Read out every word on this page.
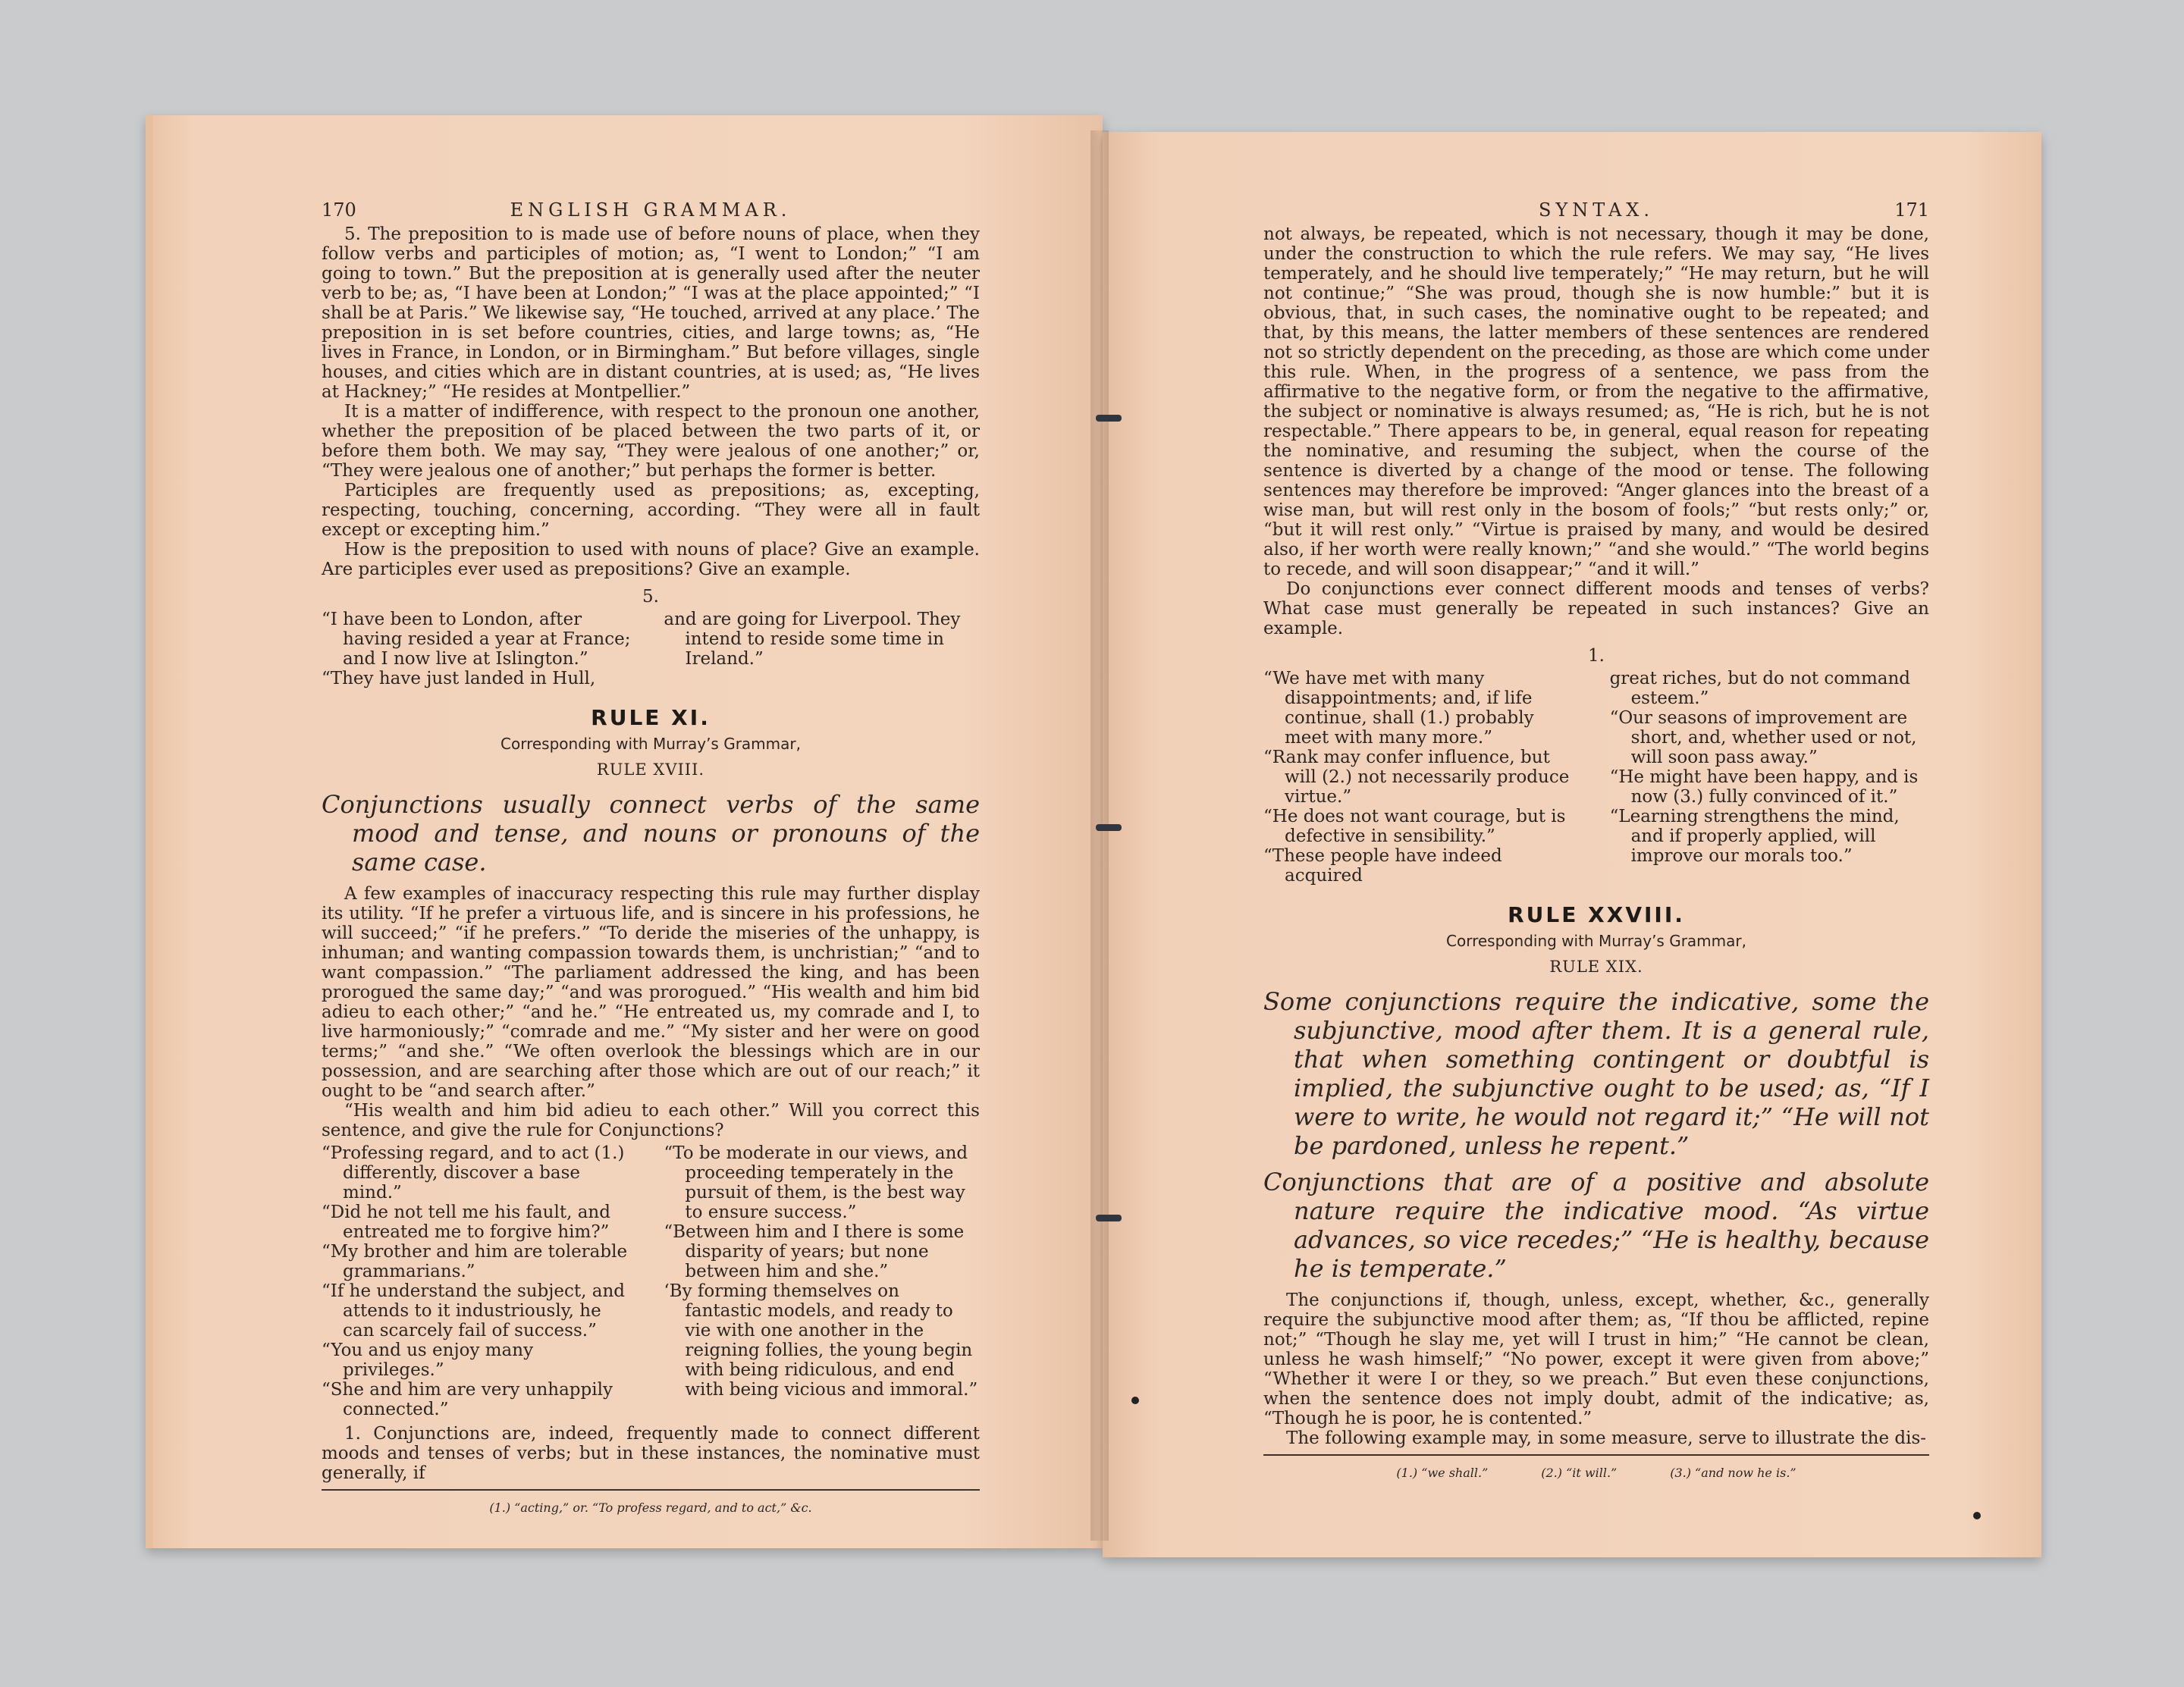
170	ENGLISH GRAMMAR.

5. The preposition to is made use of before nouns of place, when they follow verbs and participles of motion; as, “I went to London;” “I am going to town.” But the preposition at is generally used after the neuter verb to be; as, “I have been at London;” “I was at the place appointed;” “I shall be at Paris.” We likewise say, “He touched, arrived at any place.’ The preposition in is set before countries, cities, and large towns; as, “He lives in France, in London, or in Birmingham.” But before villages, single houses, and cities which are in distant countries, at is used; as, “He lives at Hackney;” “He resides at Montpellier.”

It is a matter of indifference, with respect to the pronoun one another, whether the preposition of be placed between the two parts of it, or before them both. We may say, “They were jealous of one another;” or, “They were jealous one of another;” but perhaps the former is better.

Participles are frequently used as prepositions; as, excepting, respecting, touching, concerning, according. “They were all in fault except or excepting him.”

How is the preposition to used with nouns of place? Give an example. Are participles ever used as prepositions? Give an example.

5.

“I have been to London, after having resided a year at France; and I now live at Islington.”

“They have just landed in Hull,

and are going for Liverpool. They intend to reside some time in Ireland.”

RULE XI.
Corresponding with Murray’s Grammar,
RULE XVIII.
Conjunctions usually connect verbs of the same mood and tense, and nouns or pronouns of the same case.

A few examples of inaccuracy respecting this rule may further display its utility. “If he prefer a virtuous life, and is sincere in his professions, he will succeed;” “if he prefers.” “To deride the miseries of the unhappy, is inhuman; and wanting compassion towards them, is unchristian;” “and to want compassion.” “The parliament addressed the king, and has been prorogued the same day;” “and was prorogued.” “His wealth and him bid adieu to each other;” “and he.” “He entreated us, my comrade and I, to live harmoniously;” “comrade and me.” “My sister and her were on good terms;” “and she.” “We often overlook the blessings which are in our possession, and are searching after those which are out of our reach;” it ought to be “and search after.”

“His wealth and him bid adieu to each other.” Will you correct this sentence, and give the rule for Conjunctions?

“Professing regard, and to act (1.) differently, discover a base mind.”

“Did he not tell me his fault, and entreated me to forgive him?”

“My brother and him are tolerable grammarians.”

“If he understand the subject, and attends to it industriously, he can scarcely fail of success.”

“You and us enjoy many privileges.”

“She and him are very unhappily connected.”

“To be moderate in our views, and proceeding temperately in the pursuit of them, is the best way to ensure success.”

“Between him and I there is some disparity of years; but none between him and she.”

‘By forming themselves on fantastic models, and ready to vie with one another in the reigning follies, the young begin with being ridiculous, and end with being vicious and immoral.”

1. Conjunctions are, indeed, frequently made to connect different moods and tenses of verbs; but in these instances, the nominative must generally, if

(1.) “acting,” or. “To profess regard, and to act,” &c.
SYNTAX.	171

not always, be repeated, which is not necessary, though it may be done, under the construction to which the rule refers. We may say, “He lives temperately, and he should live temperately;” “He may return, but he will not continue;” “She was proud, though she is now humble:” but it is obvious, that, in such cases, the nominative ought to be repeated; and that, by this means, the latter members of these sentences are rendered not so strictly dependent on the preceding, as those are which come under this rule. When, in the progress of a sentence, we pass from the affirmative to the negative form, or from the negative to the affirmative, the subject or nominative is always resumed; as, “He is rich, but he is not respectable.” There appears to be, in general, equal reason for repeating the nominative, and resuming the subject, when the course of the sentence is diverted by a change of the mood or tense. The following sentences may therefore be improved: “Anger glances into the breast of a wise man, but will rest only in the bosom of fools;” “but rests only;” or, “but it will rest only.” “Virtue is praised by many, and would be desired also, if her worth were really known;” “and she would.” “The world begins to recede, and will soon disappear;” “and it will.”

Do conjunctions ever connect different moods and tenses of verbs? What case must generally be repeated in such instances? Give an example.

1.

“We have met with many disappointments; and, if life continue, shall (1.) probably meet with many more.”

“Rank may confer influence, but will (2.) not necessarily produce virtue.”

“He does not want courage, but is defective in sensibility.”

“These people have indeed acquired

great riches, but do not command esteem.”

“Our seasons of improvement are short, and, whether used or not, will soon pass away.”

“He might have been happy, and is now (3.) fully convinced of it.”

“Learning strengthens the mind, and if properly applied, will improve our morals too.”

RULE XXVIII.
Corresponding with Murray’s Grammar,
RULE XIX.
Some conjunctions require the indicative, some the subjunctive, mood after them. It is a general rule, that when something contingent or doubtful is implied, the subjunctive ought to be used; as, “If I were to write, he would not regard it;” “He will not be pardoned, unless he repent.”
Conjunctions that are of a positive and absolute nature require the indicative mood. “As virtue advances, so vice recedes;” “He is healthy, because he is temperate.”

The conjunctions if, though, unless, except, whether, &c., generally require the subjunctive mood after them; as, “If thou be afflicted, repine not;” “Though he slay me, yet will I trust in him;” “He cannot be clean, unless he wash himself;” “No power, except it were given from above;” “Whether it were I or they, so we preach.” But even these conjunctions, when the sentence does not imply doubt, admit of the indicative; as, “Though he is poor, he is contented.”

The following example may, in some measure, serve to illustrate the dis-

(1.) “we shall.”	(2.) “it will.”	(3.) “and now he is.”
